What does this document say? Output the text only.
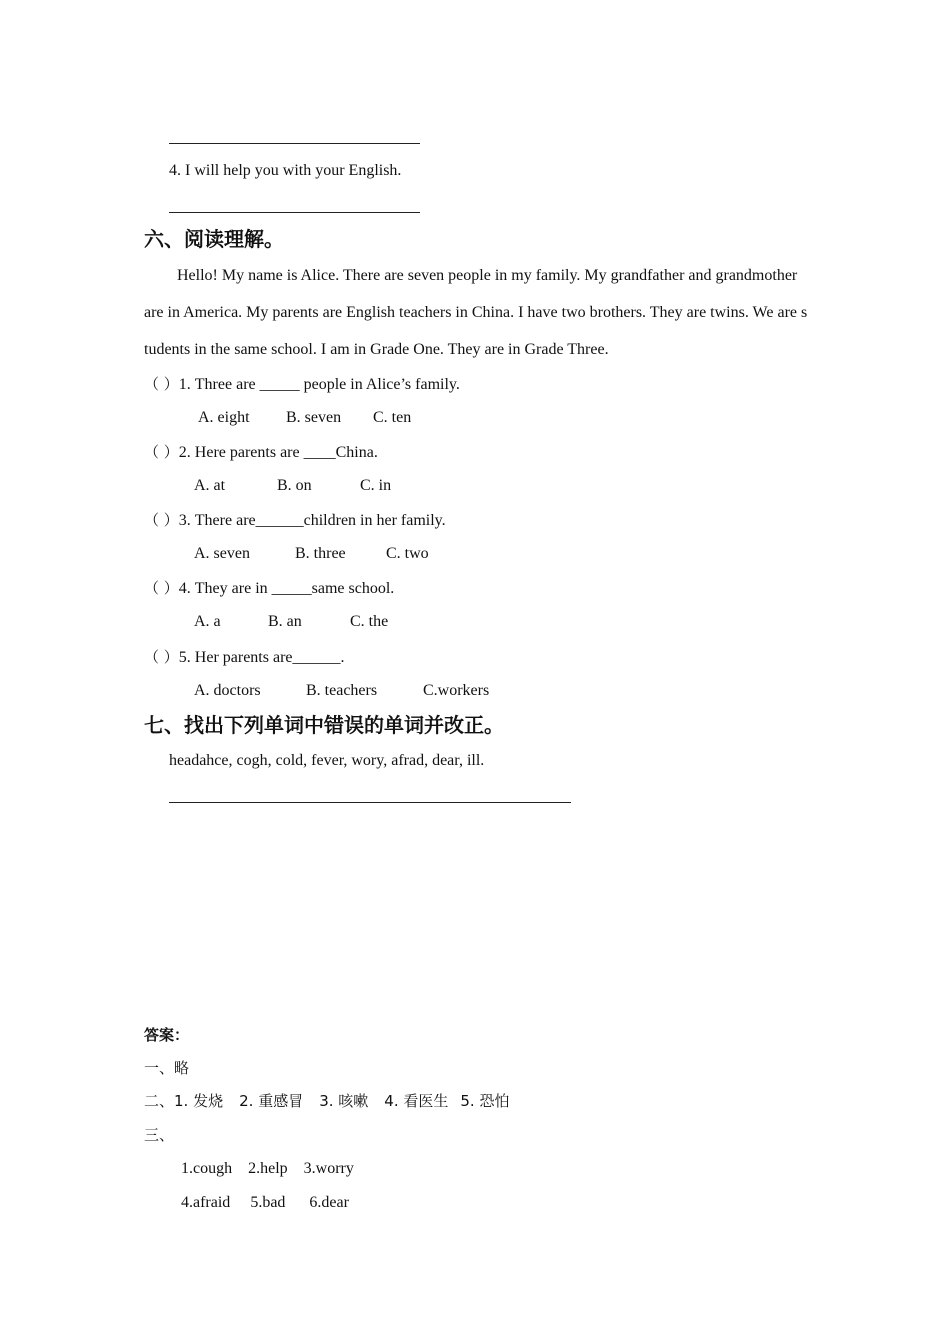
4. I will help you with your English.
六、阅读理解。
Hello! My name is Alice. There are seven people in my family. My grandfather and grandmother are in America. My parents are English teachers in China. I have two brothers. They are twins. We are students in the same school. I am in Grade One. They are in Grade Three.
（ ）1. Three are _____ people in Alice’s family.
A. eight B. seven C. ten
（ ）2. Here parents are ____China.
A. at	B. on	C. in
（ ）3. There are______children in her family.
A. seven	B. three	C. two
（ ）4. They are in _____same school.
A. a	B. an	C. the
（ ）5. Her parents are______.
A. doctors	B. teachers	C.workers
七、找出下列单词中错误的单词并改正。
headahce, cogh, cold, fever, wory, afrad, dear, ill.
答案：
一、略
二、1. 发烧 2. 重感冒 3. 咳嗽 4. 看医生 5. 恐怕
三、
1.cough 2.help 3.worry
4.afraid 5.bad 6.dear
